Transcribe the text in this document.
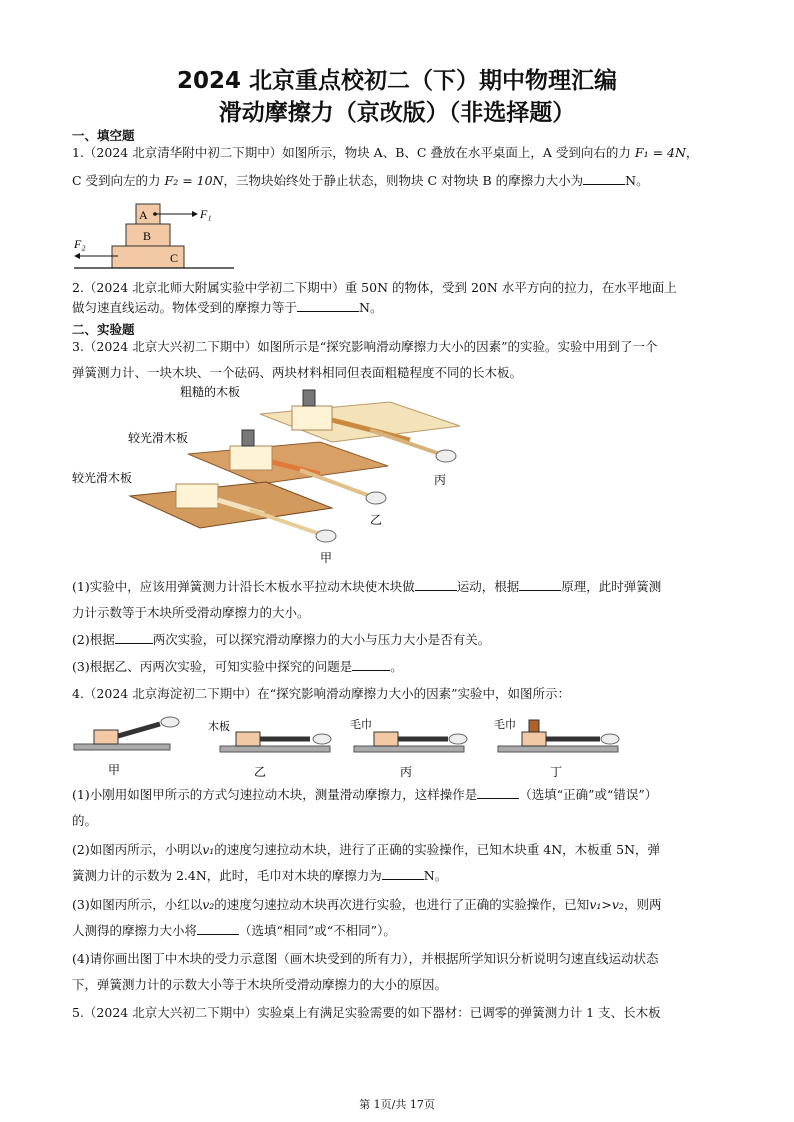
2024 北京重点校初二（下）期中物理汇编
滑动摩擦力（京改版）（非选择题）
一、填空题
1.（2024 北京清华附中初二下期中）如图所示，物块 A、B、C 叠放在水平桌面上，A 受到向右的力 F₁ = 4N，
C 受到向左的力 F₂ = 10N，三物块始终处于静止状态，则物块 C 对物块 B 的摩擦力大小为	N。
A	F₁
B
C
F₂
2.（2024 北京北师大附属实验中学初二下期中）重 50N 的物体，受到 20N 水平方向的拉力，在水平地面上
做匀速直线运动。物体受到的摩擦力等于	N。
二、实验题
3.（2024 北京大兴初二下期中）如图所示是“探究影响滑动摩擦力大小的因素”的实验。实验中用到了一个
弹簧测力计、一块木块、一个砝码、两块材料相同但表面粗糙程度不同的长木板。
粗糙的木板
丙
较光滑木板
乙
较光滑木板
甲
(1)实验中，应该用弹簧测力计沿长木板水平拉动木块使木块做	运动，根据	原理，此时弹簧测
力计示数等于木块所受滑动摩擦力的大小。
(2)根据	两次实验，可以探究滑动摩擦力的大小与压力大小是否有关。
(3)根据乙、丙两次实验，可知实验中探究的问题是	。
4.（2024 北京海淀初二下期中）在“探究影响滑动摩擦力大小的因素”实验中，如图所示：
甲
木板
乙
毛巾
丙
毛巾
丁
(1)小刚用如图甲所示的方式匀速拉动木块，测量滑动摩擦力，这样操作是	（选填“正确”或“错误”）
的。
(2)如图丙所示，小明以v₁的速度匀速拉动木块，进行了正确的实验操作，已知木块重 4N，木板重 5N，弹
簧测力计的示数为 2.4N，此时，毛巾对木块的摩擦力为	N。
(3)如图丙所示，小红以v₂的速度匀速拉动木块再次进行实验，也进行了正确的实验操作，已知v₁>v₂，则两
人测得的摩擦力大小将	（选填“相同”或“不相同”）。
(4)请你画出图丁中木块的受力示意图（画木块受到的所有力），并根据所学知识分析说明匀速直线运动状态
下，弹簧测力计的示数大小等于木块所受滑动摩擦力的大小的原因。
5.（2024 北京大兴初二下期中）实验桌上有满足实验需要的如下器材：已调零的弹簧测力计 1 支、长木板
第 1页/共 17页
